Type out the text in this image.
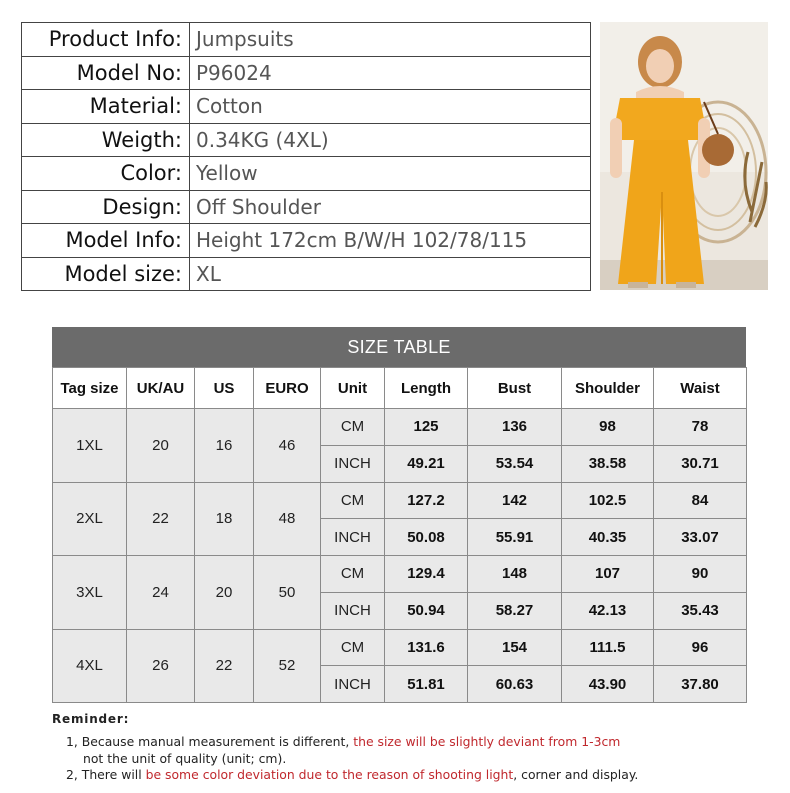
Product Info:	Jumpsuits
Model No:	P96024
Material:	Cotton
Weigth:	0.34KG (4XL)
Color:	Yellow
Design:	Off Shoulder
Model Info:	Height 172cm B/W/H 102/78/115
Model size:	XL
SIZE TABLE
Tag size	UK/AU	US	EURO	Unit	Length	Bust	Shoulder	Waist
1XL	20	16	46	CM	125	136	98	78
				INCH	49.21	53.54	38.58	30.71
2XL	22	18	48	CM	127.2	142	102.5	84
				INCH	50.08	55.91	40.35	33.07
3XL	24	20	50	CM	129.4	148	107	90
				INCH	50.94	58.27	42.13	35.43
4XL	26	22	52	CM	131.6	154	111.5	96
				INCH	51.81	60.63	43.90	37.80
Reminder:
1, Because manual measurement is different, the size will be slightly deviant from 1-3cm
not the unit of quality (unit; cm).
2, There will be some color deviation due to the reason of shooting light, corner and display.
